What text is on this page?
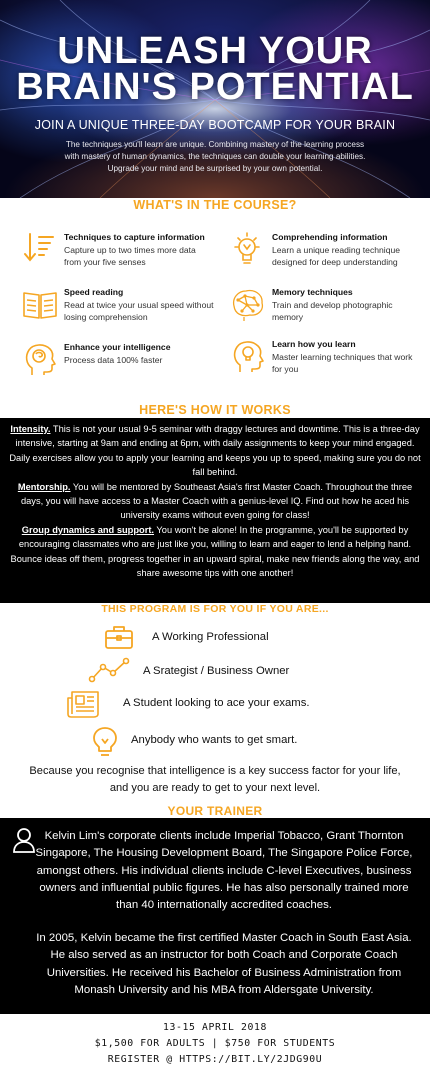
UNLEASH YOUR
BRAIN'S POTENTIAL
JOIN A UNIQUE THREE-DAY BOOTCAMP FOR YOUR BRAIN
The techniques you'll learn are unique. Combining mastery of the learning process with mastery of human dynamics, the techniques can double your learning abilities. Upgrade your mind and be surprised by your own potential.
WHAT'S IN THE COURSE?
Techniques to capture information
Capture up to two times more data from your five senses
Comprehending information
Learn a unique reading technique designed for deep understanding
Speed reading
Read at twice your usual speed without losing comprehension
Memory techniques
Train and develop photographic memory
Enhance your intelligence
Process data 100% faster
Learn how you learn
Master learning techniques that work for you
HERE'S HOW IT WORKS

Intensity. This is not your usual 9-5 seminar with draggy lectures and downtime. This is a three-day intensive, starting at 9am and ending at 6pm, with daily assignments to keep your mind engaged. Daily exercises allow you to apply your learning and keeps you up to speed, making sure you do not fall behind.

Mentorship. You will be mentored by Southeast Asia's first Master Coach. Throughout the three days, you will have access to a Master Coach with a genius-level IQ. Find out how he aced his university exams without even going for class!

Group dynamics and support. You won't be alone! In the programme, you'll be supported by encouraging classmates who are just like you, willing to learn and eager to lend a helping hand. Bounce ideas off them, progress together in an upward spiral, make new friends along the way, and share awesome tips with one another!

THIS PROGRAM IS FOR YOU IF YOU ARE...
A Working Professional
A Srategist / Business Owner
A Student looking to ace your exams.
Anybody who wants to get smart.
Because you recognise that intelligence is a key success factor for your life,
and you are ready to get to your next level.
YOUR TRAINER
Kelvin Lim's corporate clients include Imperial Tobacco, Grant Thornton Singapore, The Housing Development Board, The Singapore Police Force, amongst others. His individual clients include C-level Executives, business owners and influential public figures. He has also personally trained more than 40 internationally accredited coaches.
In 2005, Kelvin became the first certified Master Coach in South East Asia. He also served as an instructor for both Coach and Corporate Coach Universities. He received his Bachelor of Business Administration from Monash University and his MBA from Aldersgate University.
13-15 APRIL 2018
$1,500 FOR ADULTS | $750 FOR STUDENTS
REGISTER @ HTTPS://BIT.LY/2JDG90U
